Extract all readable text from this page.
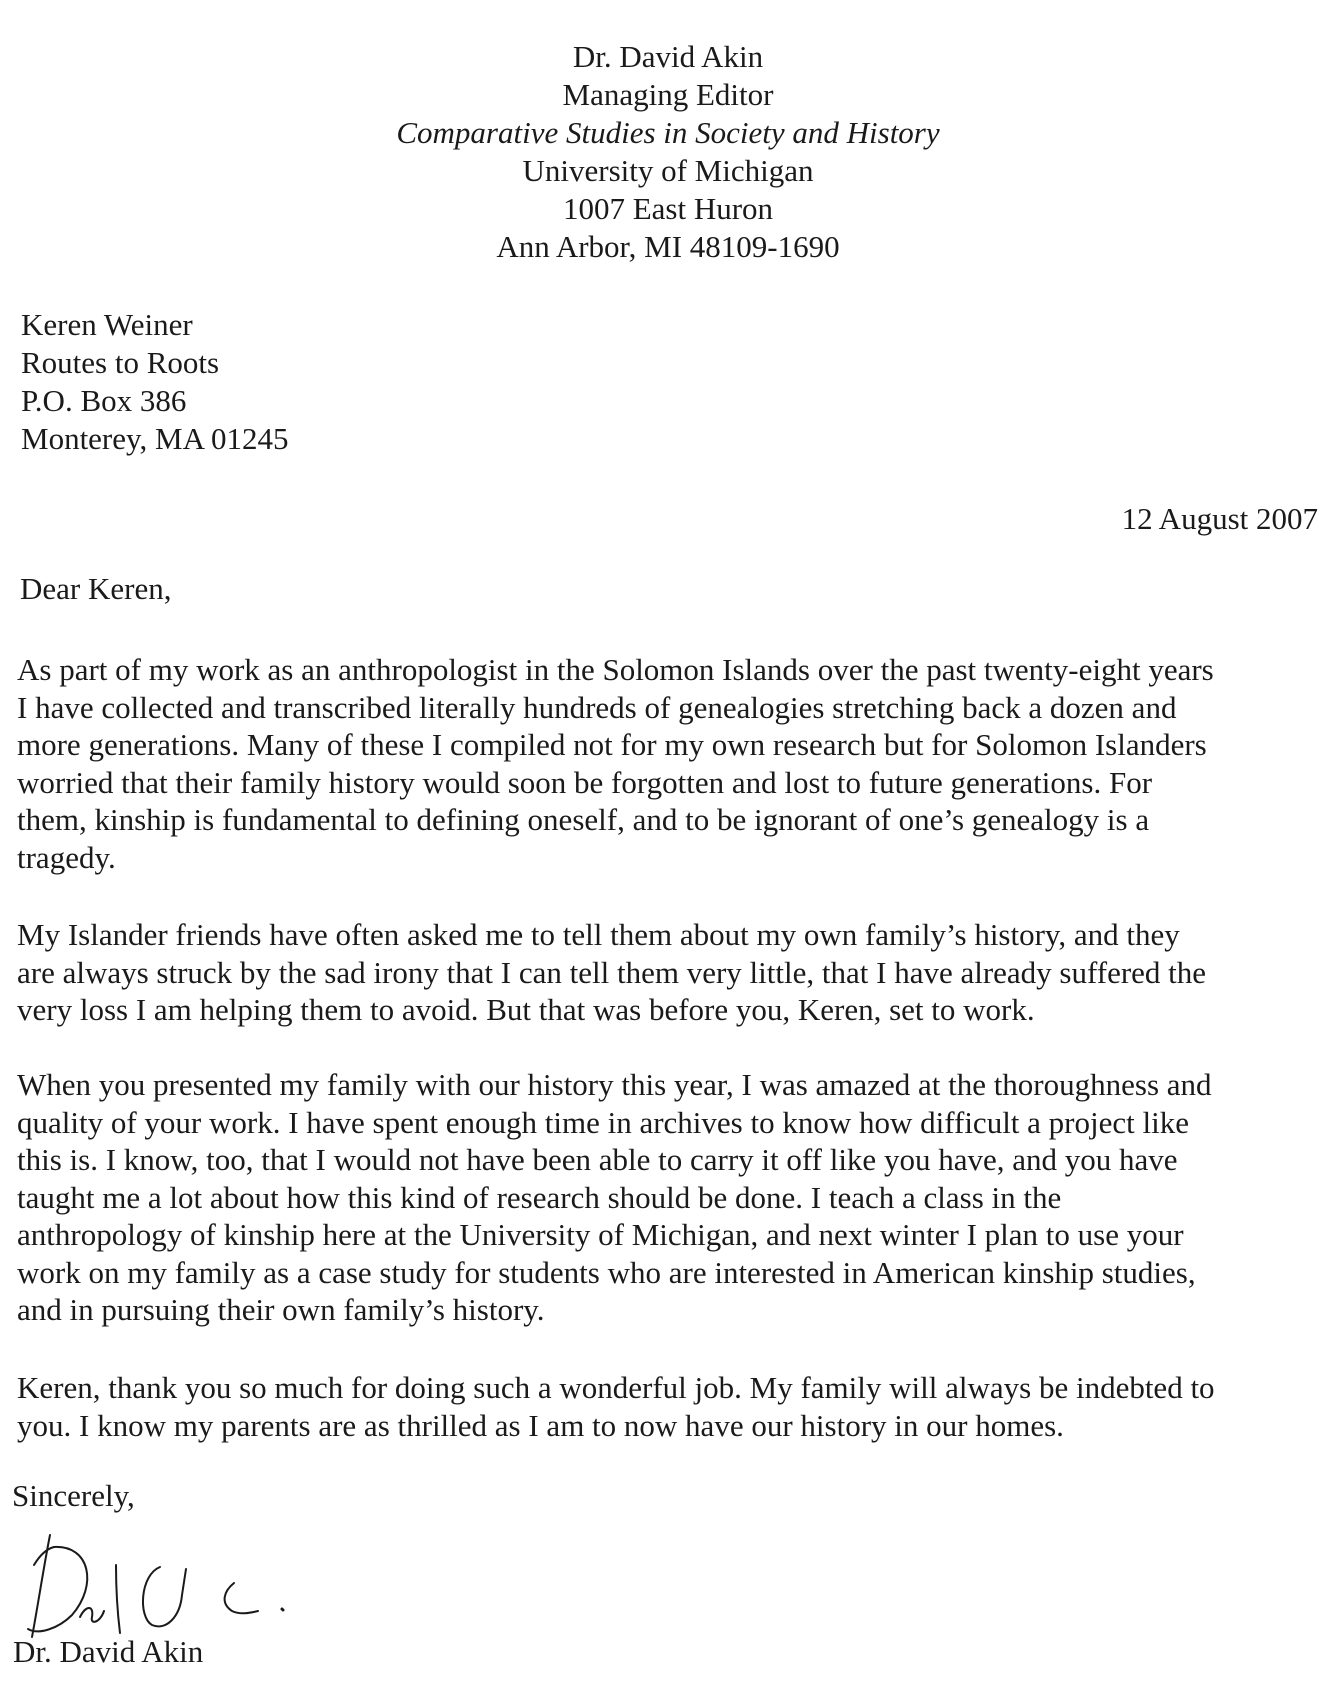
Dr. David Akin
Managing Editor
Comparative Studies in Society and History
University of Michigan
1007 East Huron
Ann Arbor, MI 48109-1690
Keren Weiner
Routes to Roots
P.O. Box 386
Monterey, MA 01245
12 August 2007
Dear Keren,
As part of my work as an anthropologist in the Solomon Islands over the past twenty-eight years
I have collected and transcribed literally hundreds of genealogies stretching back a dozen and
more generations. Many of these I compiled not for my own research but for Solomon Islanders
worried that their family history would soon be forgotten and lost to future generations. For
them, kinship is fundamental to defining oneself, and to be ignorant of one’s genealogy is a
tragedy.
My Islander friends have often asked me to tell them about my own family’s history, and they
are always struck by the sad irony that I can tell them very little, that I have already suffered the
very loss I am helping them to avoid. But that was before you, Keren, set to work.
When you presented my family with our history this year, I was amazed at the thoroughness and
quality of your work. I have spent enough time in archives to know how difficult a project like
this is. I know, too, that I would not have been able to carry it off like you have, and you have
taught me a lot about how this kind of research should be done. I teach a class in the
anthropology of kinship here at the University of Michigan, and next winter I plan to use your
work on my family as a case study for students who are interested in American kinship studies,
and in pursuing their own family’s history.
Keren, thank you so much for doing such a wonderful job. My family will always be indebted to
you. I know my parents are as thrilled as I am to now have our history in our homes.
Sincerely,
Dr. David Akin
